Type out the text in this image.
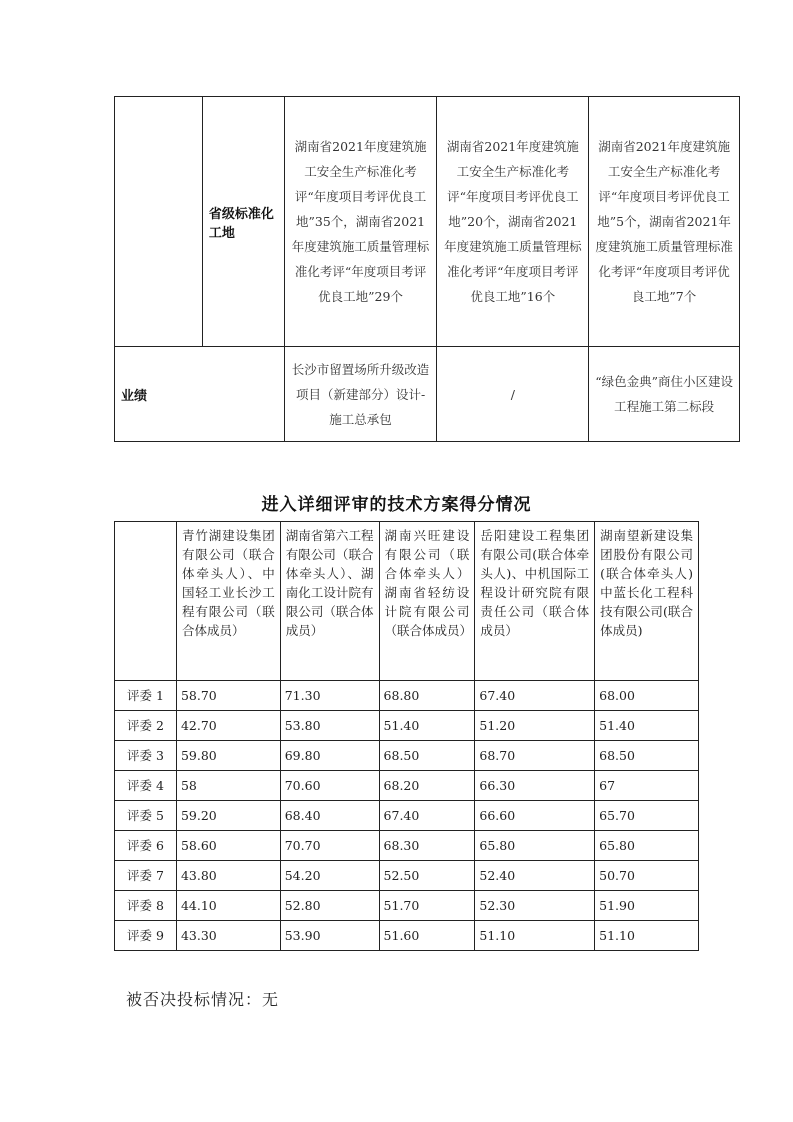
	省级标准化工地	湖南省2021年度建筑施工安全生产标准化考评“年度项目考评优良工地”35个，湖南省2021年度建筑施工质量管理标准化考评“年度项目考评优良工地”29个	湖南省2021年度建筑施工安全生产标准化考评“年度项目考评优良工地”20个，湖南省2021年度建筑施工质量管理标准化考评“年度项目考评优良工地”16个	湖南省2021年度建筑施工安全生产标准化考评“年度项目考评优良工地”5个，湖南省2021年度建筑施工质量管理标准化考评“年度项目考评优良工地”7个
业绩		长沙市留置场所升级改造项目（新建部分）设计-施工总承包	/	“绿色金典”商住小区建设工程施工第二标段
进入详细评审的技术方案得分情况
	青竹湖建设集团有限公司（联合体牵头人）、中国轻工业长沙工程有限公司（联合体成员）	湖南省第六工程有限公司（联合体牵头人）、湖南化工设计院有限公司（联合体成员）	湖南兴旺建设有限公司（联合体牵头人）湖南省轻纺设计院有限公司（联合体成员）	岳阳建设工程集团有限公司(联合体牵头人)、中机国际工程设计研究院有限责任公司（联合体成员）	湖南望新建设集团股份有限公司(联合体牵头人)中蓝长化工程科技有限公司(联合体成员)
评委 1	58.70	71.30	68.80	67.40	68.00
评委 2	42.70	53.80	51.40	51.20	51.40
评委 3	59.80	69.80	68.50	68.70	68.50
评委 4	58	70.60	68.20	66.30	67
评委 5	59.20	68.40	67.40	66.60	65.70
评委 6	58.60	70.70	68.30	65.80	65.80
评委 7	43.80	54.20	52.50	52.40	50.70
评委 8	44.10	52.80	51.70	52.30	51.90
评委 9	43.30	53.90	51.60	51.10	51.10
被否决投标情况：无
